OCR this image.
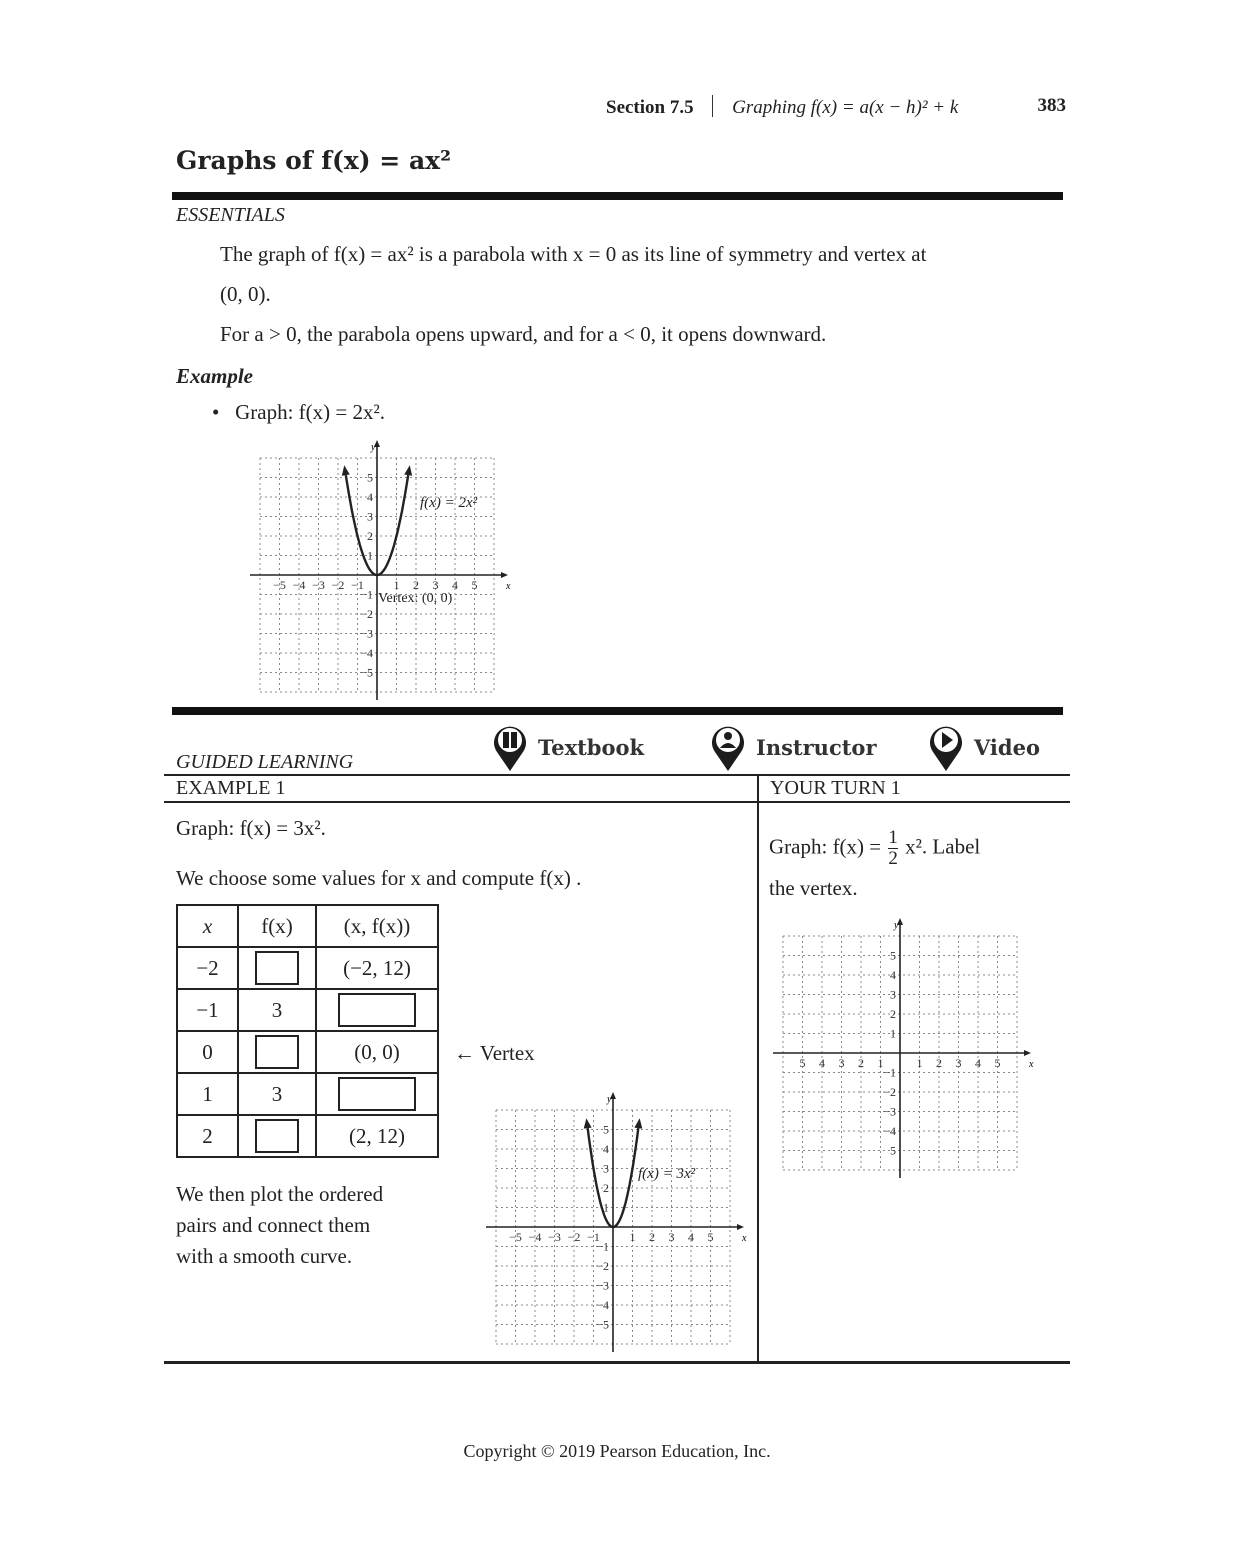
Section 7.5 Graphing f(x) = a(x − h)² + k	383
Graphs of f(x) = ax²
ESSENTIALS
The graph of f(x) = ax² is a parabola with x = 0 as its line of symmetry and vertex at
(0, 0).
For a > 0, the parabola opens upward, and for a < 0, it opens downward.
Example
• Graph: f(x) = 2x².
x
y
−5 −4 −3 −2 −1 1 2 3 4 5
5
4
3
2
1
−1
−2
−3
−4
−5
f(x) = 2x²
Vertex: (0, 0)
GUIDED LEARNING
Textbook	Instructor	Video
EXAMPLE 1	YOUR TURN 1
Graph: f(x) = 3x².
We choose some values for x and compute f(x) .
x	f(x)	(x, f(x))
−2		(−2, 12)
−1	3	
0		(0, 0)
1	3	
2		(2, 12)
← Vertex
We then plot the ordered
pairs and connect them
with a smooth curve.
x
y
−5 −4 −3 −2 −1 1 2 3 4 5
5
4
3
2
1
−1
−2
−3
−4
−5
f(x) = 3x²
Graph: $f(x) = \frac{1}{2} x^2$. Label
the vertex.
x
y
5 4 3 2 1	1 2 3 4 5
5
4
3
2
1
−1
−2
−3
−4
5
Copyright © 2019 Pearson Education, Inc.
